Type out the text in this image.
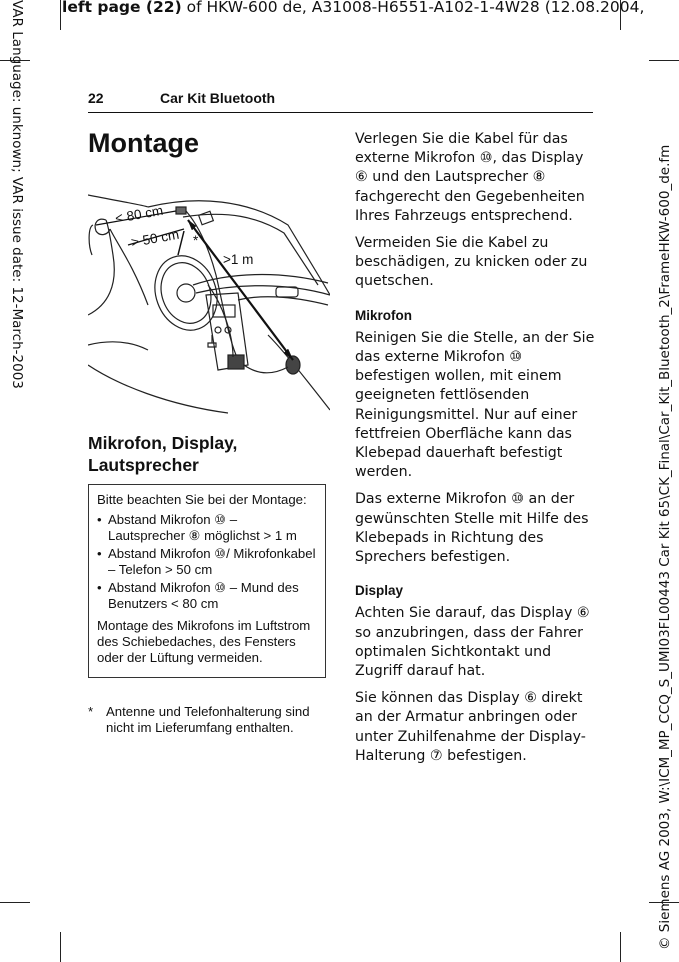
left page (22) of HKW-600 de, A31008-H6551-A102-1-4W28 (12.08.2004,
VAR Language: unknown; VAR issue date: 12-March-2003	© Siemens AG 2003, W:\ICM_MP_CCQ_S_UMI03FL00443 Car Kit 65\CK_Final\Car_Kit_Bluetooth_2\FrameHKW-600_de.fm
22	Car Kit Bluetooth
Montage
< 80 cm
> 50 cm
>1 m
*
Mikrofon, Display, Lautsprecher
Bitte beachten Sie bei der Montage:
• Abstand Mikrofon ⑩ – Lautsprecher ⑧ möglichst > 1 m
• Abstand Mikrofon ⑩/ Mikrofonkabel – Telefon > 50 cm
• Abstand Mikrofon ⑩ – Mund des Benutzers < 80 cm
Montage des Mikrofons im Luftstrom des Schiebedaches, des Fensters oder der Lüftung vermeiden.
* Antenne und Telefonhalterung sind nicht im Lieferumfang enthalten.

Verlegen Sie die Kabel für das externe Mikrofon ⑩, das Display ⑥ und den Lautsprecher ⑧ fachgerecht den Gegebenheiten Ihres Fahrzeugs entsprechend.

Vermeiden Sie die Kabel zu beschädigen, zu knicken oder zu quetschen.

Mikrofon

Reinigen Sie die Stelle, an der Sie das externe Mikrofon ⑩ befestigen wollen, mit einem geeigneten fettlösenden Reinigungsmittel. Nur auf einer fettfreien Oberfläche kann das Klebepad dauerhaft befestigt werden.

Das externe Mikrofon ⑩ an der gewünschten Stelle mit Hilfe des Klebepads in Richtung des Sprechers befestigen.

Display

Achten Sie darauf, das Display ⑥ so anzubringen, dass der Fahrer optimalen Sichtkontakt und Zugriff darauf hat.

Sie können das Display ⑥ direkt an der Armatur anbringen oder unter Zuhilfenahme der Display-Halterung ⑦ befestigen.
